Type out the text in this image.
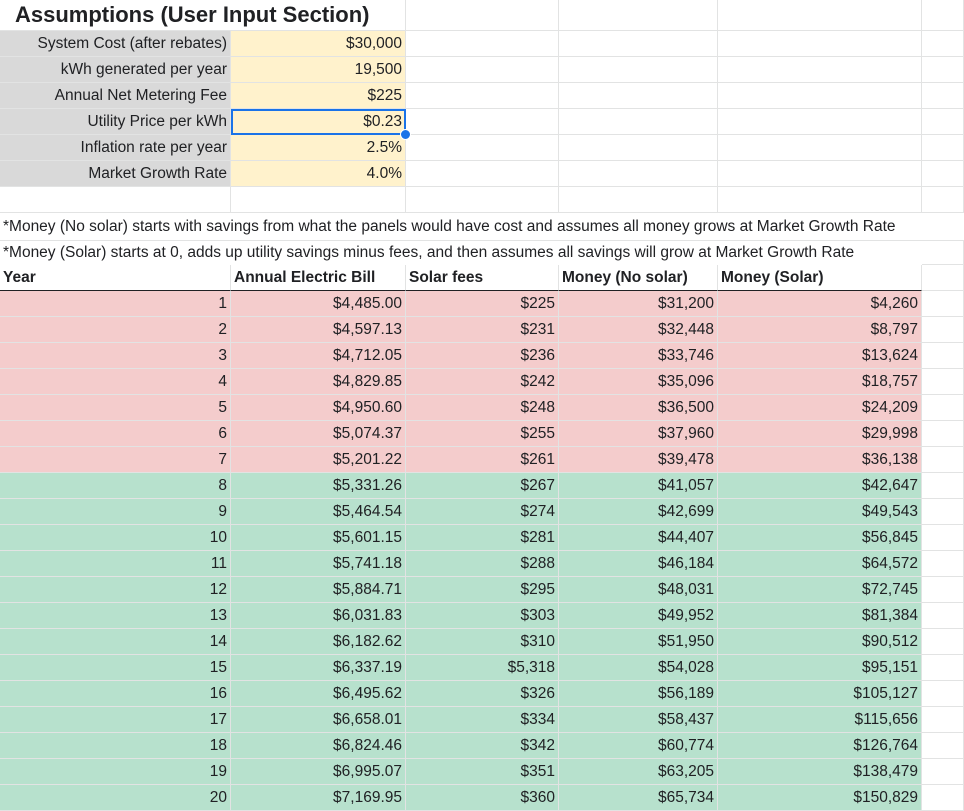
Assumptions (User Input Section)
System Cost (after rebates)	$30,000
kWh generated per year	19,500
Annual Net Metering Fee	$225
Utility Price per kWh	$0.23
Inflation rate per year	2.5%
Market Growth Rate	4.0%
*Money (No solar) starts with savings from what the panels would have cost and assumes all money grows at Market Growth Rate
*Money (Solar) starts at 0, adds up utility savings minus fees, and then assumes all savings will grow at Market Growth Rate
Year	Annual Electric Bill	Solar fees	Money (No solar)	Money (Solar)
1	$4,485.00	$225	$31,200	$4,260
2	$4,597.13	$231	$32,448	$8,797
3	$4,712.05	$236	$33,746	$13,624
4	$4,829.85	$242	$35,096	$18,757
5	$4,950.60	$248	$36,500	$24,209
6	$5,074.37	$255	$37,960	$29,998
7	$5,201.22	$261	$39,478	$36,138
8	$5,331.26	$267	$41,057	$42,647
9	$5,464.54	$274	$42,699	$49,543
10	$5,601.15	$281	$44,407	$56,845
11	$5,741.18	$288	$46,184	$64,572
12	$5,884.71	$295	$48,031	$72,745
13	$6,031.83	$303	$49,952	$81,384
14	$6,182.62	$310	$51,950	$90,512
15	$6,337.19	$5,318	$54,028	$95,151
16	$6,495.62	$326	$56,189	$105,127
17	$6,658.01	$334	$58,437	$115,656
18	$6,824.46	$342	$60,774	$126,764
19	$6,995.07	$351	$63,205	$138,479
20	$7,169.95	$360	$65,734	$150,829
